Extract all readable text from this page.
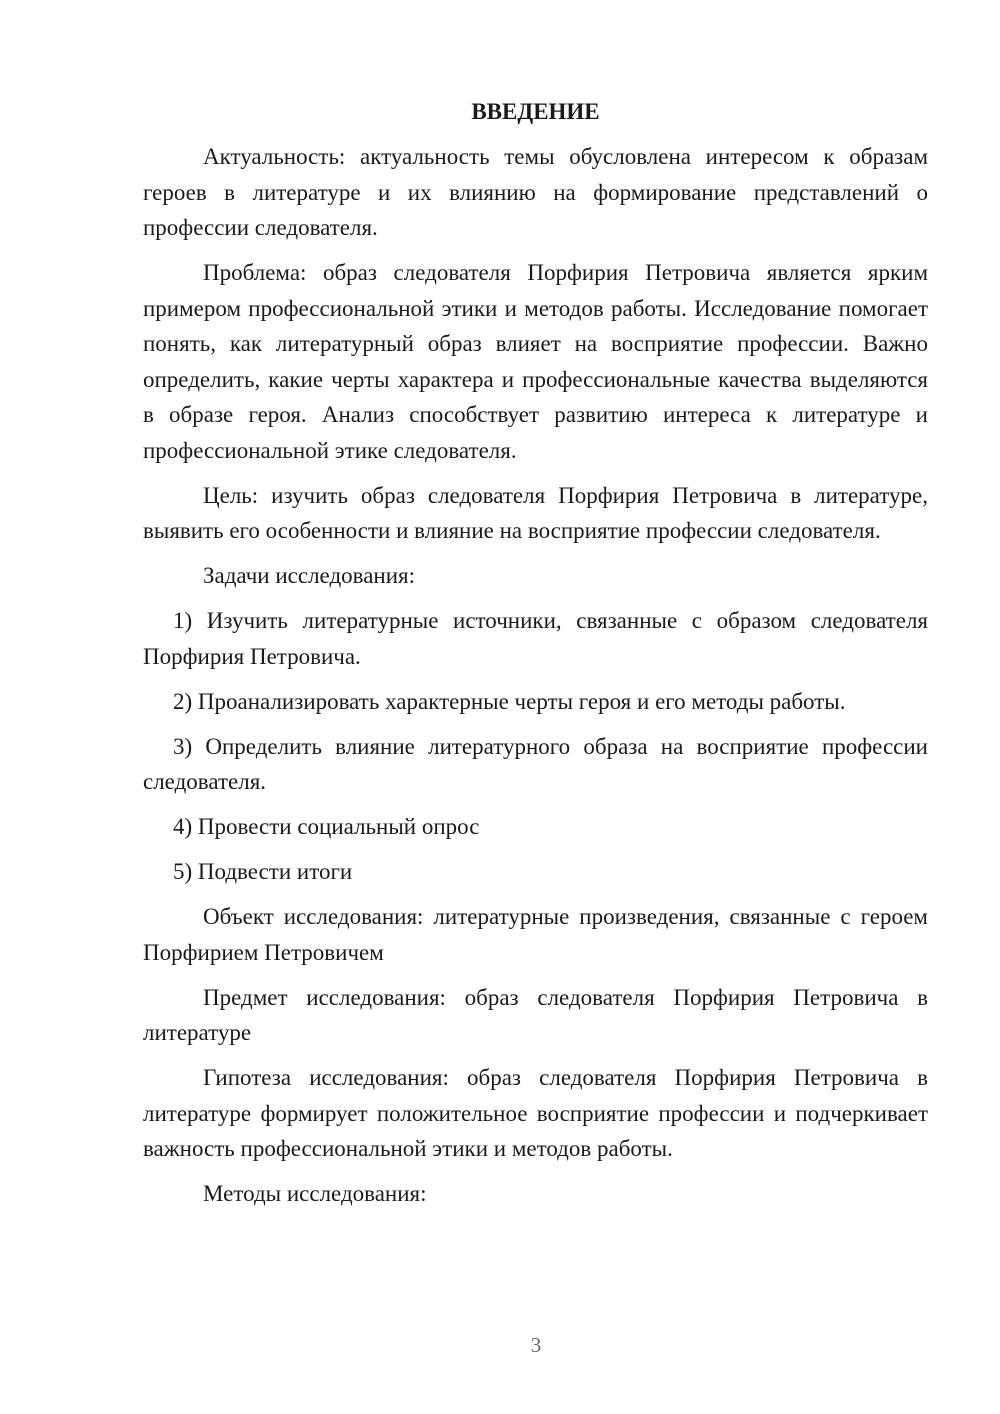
ВВЕДЕНИЕ

Актуальность: актуальность темы обусловлена интересом к образам героев в литературе и их влиянию на формирование представлений о профессии следователя.

Проблема: образ следователя Порфирия Петровича является ярким примером профессиональной этики и методов работы. Исследование помогает понять, как литературный образ влияет на восприятие профессии. Важно определить, какие черты характера и профессиональные качества выделяются в образе героя. Анализ способствует развитию интереса к литературе и профессиональной этике следователя.

Цель: изучить образ следователя Порфирия Петровича в литературе, выявить его особенности и влияние на восприятие профессии следователя.

Задачи исследования:

1) Изучить литературные источники, связанные с образом следователя Порфирия Петровича.

2) Проанализировать характерные черты героя и его методы работы.

3) Определить влияние литературного образа на восприятие профессии следователя.

4) Провести социальный опрос

5) Подвести итоги

Объект исследования: литературные произведения, связанные с героем Порфирием Петровичем

Предмет исследования: образ следователя Порфирия Петровича в литературе

Гипотеза исследования: образ следователя Порфирия Петровича в литературе формирует положительное восприятие профессии и подчеркивает важность профессиональной этики и методов работы.

Методы исследования:

3
